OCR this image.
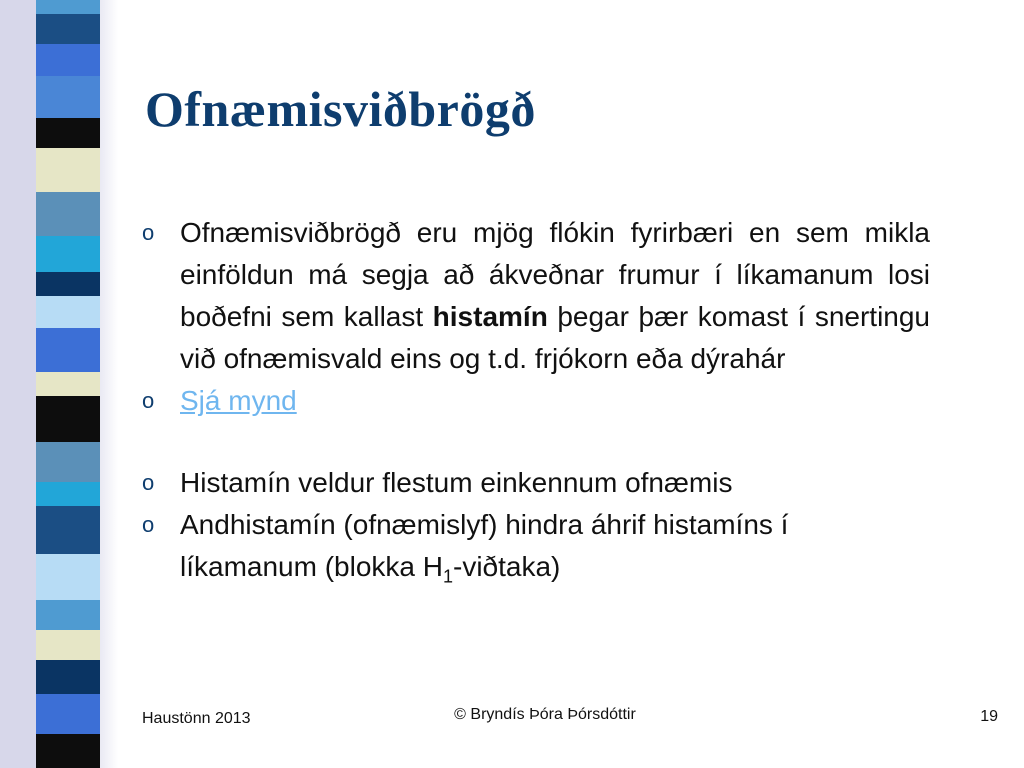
Ofnæmisviðbrögð
o Ofnæmisviðbrögð eru mjög flókin fyrirbæri en sem mikla einföldun má segja að ákveðnar frumur í líkamanum losi boðefni sem kallast histamín þegar þær komast í snertingu við ofnæmisvald eins og t.d. frjókorn eða dýrahár
o Sjá mynd
o Histamín veldur flestum einkennum ofnæmis
o Andhistamín (ofnæmislyf) hindra áhrif histamíns í líkamanum (blokka $H_1-viðtaka$)
Haustönn 2013	© Bryndís Þóra Þórsdóttir	19
